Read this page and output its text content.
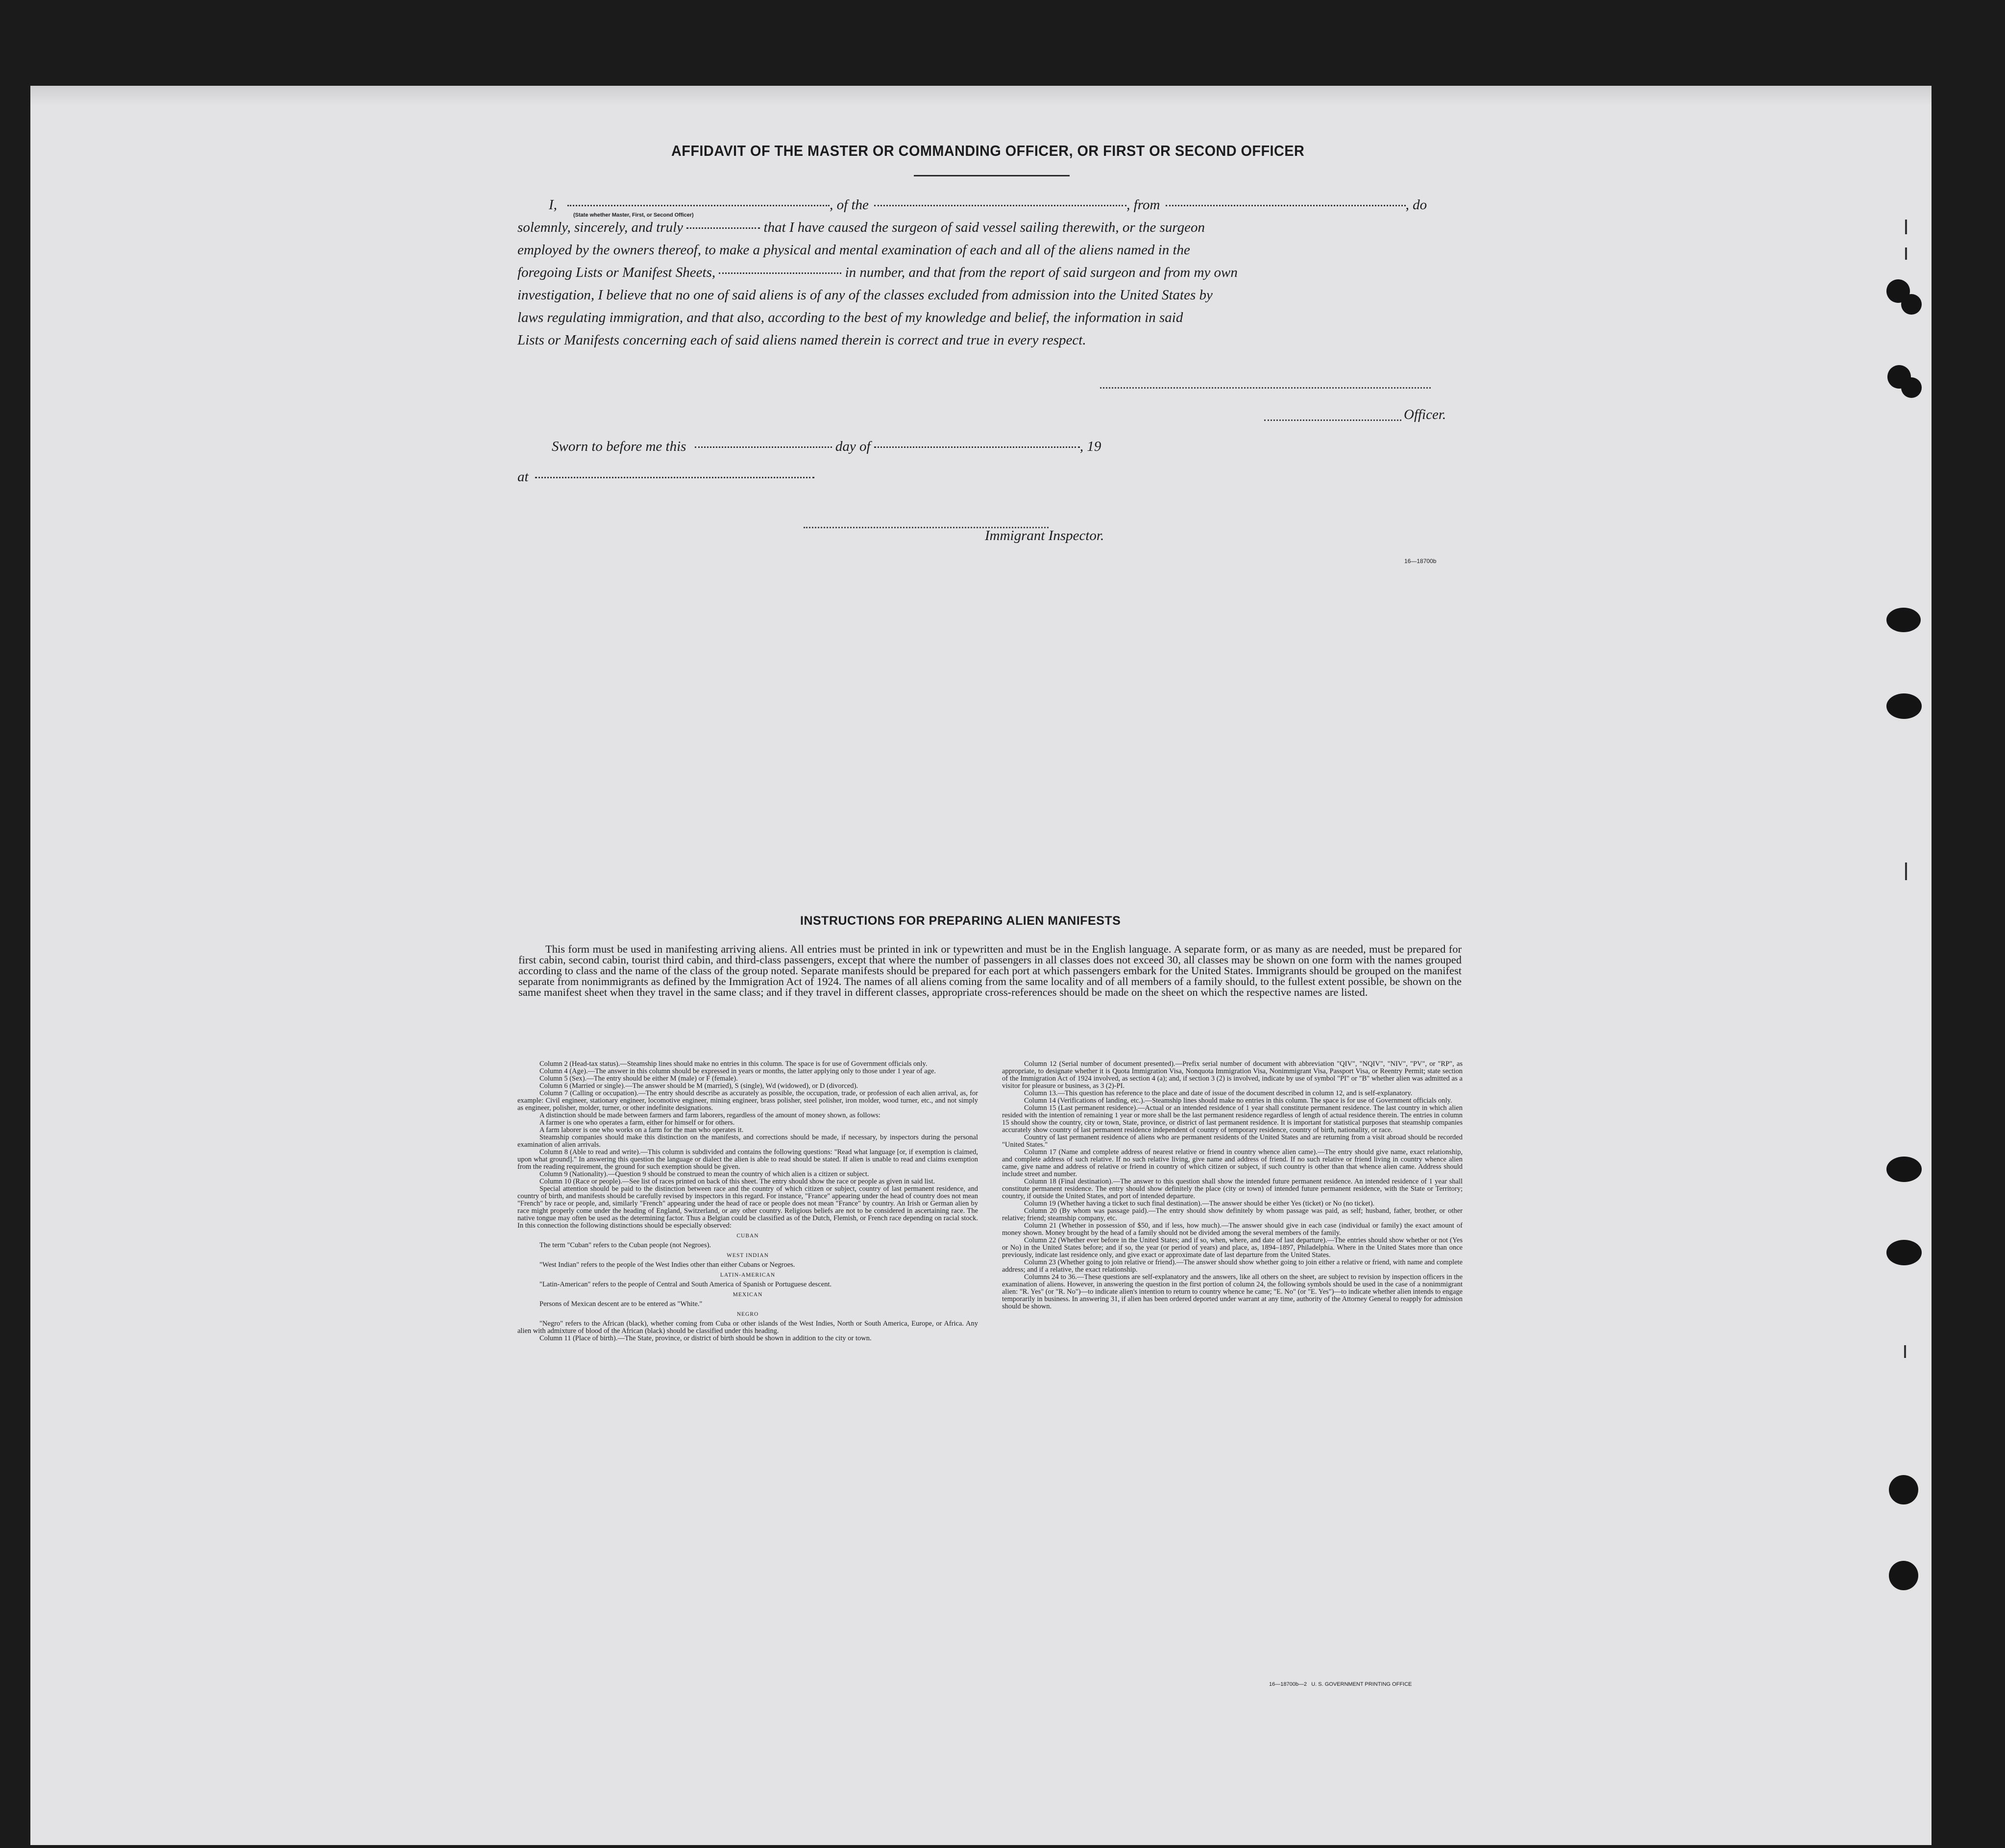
AFFIDAVIT OF THE MASTER OR COMMANDING OFFICER, OR FIRST OR SECOND OFFICER
I,	, of the	, from	, do
(State whether Master, First, or Second Officer)
solemnly, sincerely, and truly	that I have caused the surgeon of said vessel sailing therewith, or the surgeon
employed by the owners thereof, to make a physical and mental examination of each and all of the aliens named in the
foregoing Lists or Manifest Sheets,	in number, and that from the report of said surgeon and from my own
investigation, I believe that no one of said aliens is of any of the classes excluded from admission into the United States by
laws regulating immigration, and that also, according to the best of my knowledge and belief, the information in said
Lists or Manifests concerning each of said aliens named therein is correct and true in every respect.
Officer.
Sworn to before me this	day of	, 19
at
Immigrant Inspector.
16—18700b
INSTRUCTIONS FOR PREPARING ALIEN MANIFESTS
This form must be used in manifesting arriving aliens. All entries must be printed in ink or typewritten and must be in the English language. A separate form, or as many as are needed, must be prepared for first cabin, second cabin, tourist third cabin, and third-class passengers, except that where the number of passengers in all classes does not exceed 30, all classes may be shown on one form with the names grouped according to class and the name of the class of the group noted. Separate manifests should be prepared for each port at which passengers embark for the United States. Immigrants should be grouped on the manifest separate from nonimmigrants as defined by the Immigration Act of 1924. The names of all aliens coming from the same locality and of all members of a family should, to the fullest extent possible, be shown on the same manifest sheet when they travel in the same class; and if they travel in different classes, appropriate cross-references should be made on the sheet on which the respective names are listed.

Column 2 (Head-tax status).—Steamship lines should make no entries in this column. The space is for use of Government officials only.

Column 4 (Age).—The answer in this column should be expressed in years or months, the latter applying only to those under 1 year of age.

Column 5 (Sex).—The entry should be either M (male) or F (female).

Column 6 (Married or single).—The answer should be M (married), S (single), Wd (widowed), or D (divorced).

Column 7 (Calling or occupation).—The entry should describe as accurately as possible, the occupation, trade, or profession of each alien arrival, as, for example: Civil engineer, stationary engineer, locomotive engineer, mining engineer, brass polisher, steel polisher, iron molder, wood turner, etc., and not simply as engineer, polisher, molder, turner, or other indefinite designations.

A distinction should be made between farmers and farm laborers, regardless of the amount of money shown, as follows:

A farmer is one who operates a farm, either for himself or for others.

A farm laborer is one who works on a farm for the man who operates it.

Steamship companies should make this distinction on the manifests, and corrections should be made, if necessary, by inspectors during the personal examination of alien arrivals.

Column 8 (Able to read and write).—This column is subdivided and contains the following questions: "Read what language [or, if exemption is claimed, upon what ground]." In answering this question the language or dialect the alien is able to read should be stated. If alien is unable to read and claims exemption from the reading requirement, the ground for such exemption should be given.

Column 9 (Nationality).—Question 9 should be construed to mean the country of which alien is a citizen or subject.

Column 10 (Race or people).—See list of races printed on back of this sheet. The entry should show the race or people as given in said list.

Special attention should be paid to the distinction between race and the country of which citizen or subject, country of last permanent residence, and country of birth, and manifests should be carefully revised by inspectors in this regard. For instance, "France" appearing under the head of country does not mean "French" by race or people, and, similarly "French" appearing under the head of race or people does not mean "France" by country. An Irish or German alien by race might properly come under the heading of England, Switzerland, or any other country. Religious beliefs are not to be considered in ascertaining race. The native tongue may often be used as the determining factor. Thus a Belgian could be classified as of the Dutch, Flemish, or French race depending on racial stock. In this connection the following distinctions should be especially observed:

CUBAN

The term "Cuban" refers to the Cuban people (not Negroes).

WEST INDIAN

"West Indian" refers to the people of the West Indies other than either Cubans or Negroes.

LATIN-AMERICAN

"Latin-American" refers to the people of Central and South America of Spanish or Portuguese descent.

MEXICAN

Persons of Mexican descent are to be entered as "White."

NEGRO

"Negro" refers to the African (black), whether coming from Cuba or other islands of the West Indies, North or South America, Europe, or Africa. Any alien with admixture of blood of the African (black) should be classified under this heading.

Column 11 (Place of birth).—The State, province, or district of birth should be shown in addition to the city or town.

Column 12 (Serial number of document presented).—Prefix serial number of document with abbreviation "QIV", "NQIV", "NIV", "PV", or "RP", as appropriate, to designate whether it is Quota Immigration Visa, Nonquota Immigration Visa, Nonimmigrant Visa, Passport Visa, or Reentry Permit; state section of the Immigration Act of 1924 involved, as section 4 (a); and, if section 3 (2) is involved, indicate by use of symbol "PI" or "B" whether alien was admitted as a visitor for pleasure or business, as 3 (2)-PI.

Column 13.—This question has reference to the place and date of issue of the document described in column 12, and is self-explanatory.

Column 14 (Verifications of landing, etc.).—Steamship lines should make no entries in this column. The space is for use of Government officials only.

Column 15 (Last permanent residence).—Actual or an intended residence of 1 year shall constitute permanent residence. The last country in which alien resided with the intention of remaining 1 year or more shall be the last permanent residence regardless of length of actual residence therein. The entries in column 15 should show the country, city or town, State, province, or district of last permanent residence. It is important for statistical purposes that steamship companies accurately show country of last permanent residence independent of country of temporary residence, country of birth, nationality, or race.

Country of last permanent residence of aliens who are permanent residents of the United States and are returning from a visit abroad should be recorded "United States."

Column 17 (Name and complete address of nearest relative or friend in country whence alien came).—The entry should give name, exact relationship, and complete address of such relative. If no such relative living, give name and address of friend. If no such relative or friend living in country whence alien came, give name and address of relative or friend in country of which citizen or subject, if such country is other than that whence alien came. Address should include street and number.

Column 18 (Final destination).—The answer to this question shall show the intended future permanent residence. An intended residence of 1 year shall constitute permanent residence. The entry should show definitely the place (city or town) of intended future permanent residence, with the State or Territory; country, if outside the United States, and port of intended departure.

Column 19 (Whether having a ticket to such final destination).—The answer should be either Yes (ticket) or No (no ticket).

Column 20 (By whom was passage paid).—The entry should show definitely by whom passage was paid, as self; husband, father, brother, or other relative; friend; steamship company, etc.

Column 21 (Whether in possession of $50, and if less, how much).—The answer should give in each case (individual or family) the exact amount of money shown. Money brought by the head of a family should not be divided among the several members of the family.

Column 22 (Whether ever before in the United States; and if so, when, where, and date of last departure).—The entries should show whether or not (Yes or No) in the United States before; and if so, the year (or period of years) and place, as, 1894–1897, Philadelphia. Where in the United States more than once previously, indicate last residence only, and give exact or approximate date of last departure from the United States.

Column 23 (Whether going to join relative or friend).—The answer should show whether going to join either a relative or friend, with name and complete address; and if a relative, the exact relationship.

Columns 24 to 36.—These questions are self-explanatory and the answers, like all others on the sheet, are subject to revision by inspection officers in the examination of aliens. However, in answering the question in the first portion of column 24, the following symbols should be used in the case of a nonimmigrant alien: "R. Yes" (or "R. No")—to indicate alien's intention to return to country whence he came; "E. No" (or "E. Yes")—to indicate whether alien intends to engage temporarily in business. In answering 31, if alien has been ordered deported under warrant at any time, authority of the Attorney General to reapply for admission should be shown.

16—18700b—2   U. S. GOVERNMENT PRINTING OFFICE
